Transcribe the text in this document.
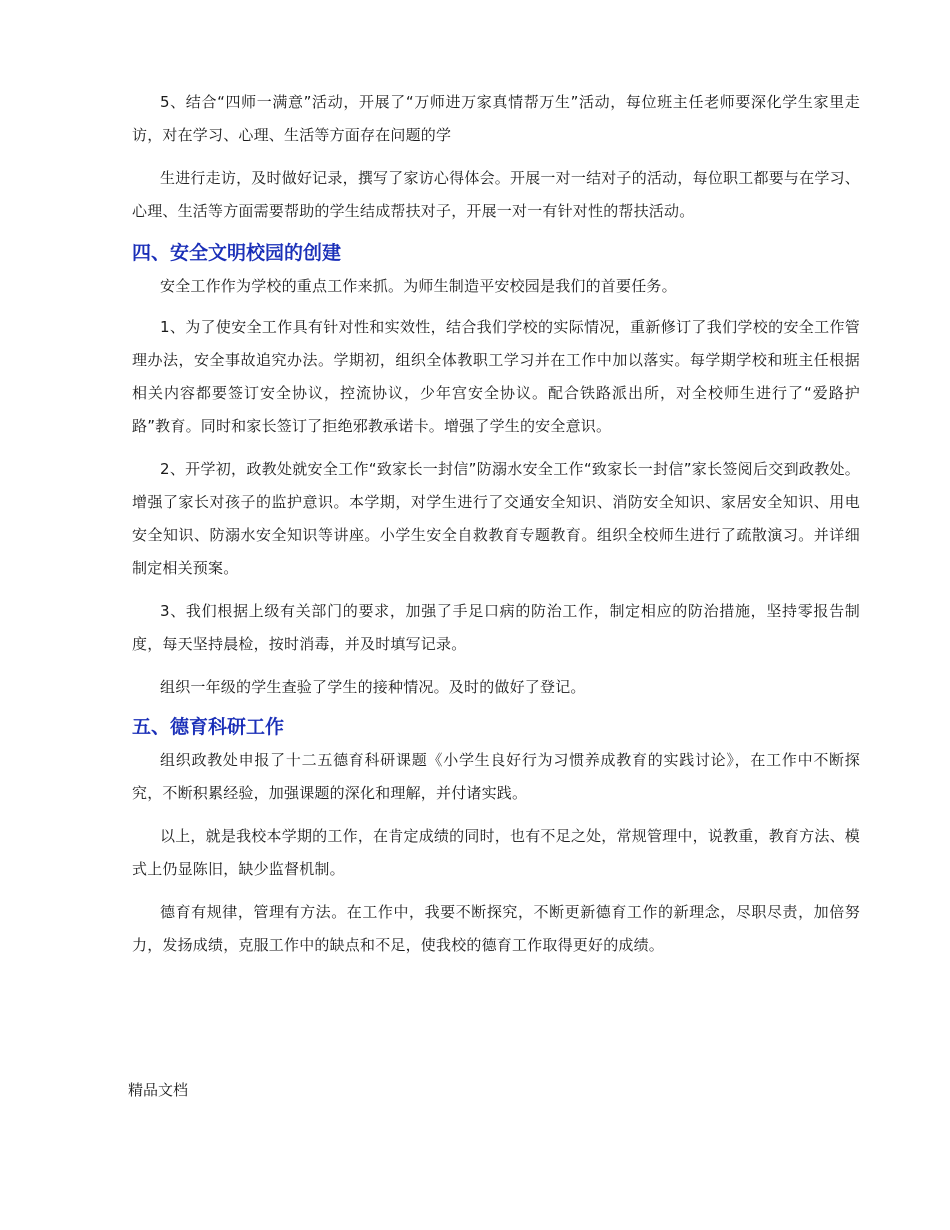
5、结合“四师一满意”活动，开展了“万师进万家真情帮万生”活动，每位班主任老师要深化学生家里走访，对在学习、心理、生活等方面存在问题的学

生进行走访，及时做好记录，撰写了家访心得体会。开展一对一结对子的活动，每位职工都要与在学习、心理、生活等方面需要帮助的学生结成帮扶对子，开展一对一有针对性的帮扶活动。

四、安全文明校园的创建

安全工作作为学校的重点工作来抓。为师生制造平安校园是我们的首要任务。

1、为了使安全工作具有针对性和实效性，结合我们学校的实际情况，重新修订了我们学校的安全工作管理办法，安全事故追究办法。学期初，组织全体教职工学习并在工作中加以落实。每学期学校和班主任根据相关内容都要签订安全协议，控流协议，少年宫安全协议。配合铁路派出所，对全校师生进行了“爱路护路”教育。同时和家长签订了拒绝邪教承诺卡。增强了学生的安全意识。

2、开学初，政教处就安全工作“致家长一封信”防溺水安全工作“致家长一封信”家长签阅后交到政教处。增强了家长对孩子的监护意识。本学期，对学生进行了交通安全知识、消防安全知识、家居安全知识、用电安全知识、防溺水安全知识等讲座。小学生安全自救教育专题教育。组织全校师生进行了疏散演习。并详细制定相关预案。

3、我们根据上级有关部门的要求，加强了手足口病的防治工作，制定相应的防治措施，坚持零报告制度，每天坚持晨检，按时消毒，并及时填写记录。

组织一年级的学生查验了学生的接种情况。及时的做好了登记。

五、德育科研工作

组织政教处申报了十二五德育科研课题《小学生良好行为习惯养成教育的实践讨论》，在工作中不断探究，不断积累经验，加强课题的深化和理解，并付诸实践。

以上，就是我校本学期的工作，在肯定成绩的同时，也有不足之处，常规管理中，说教重，教育方法、模式上仍显陈旧，缺少监督机制。

德育有规律，管理有方法。在工作中，我要不断探究，不断更新德育工作的新理念，尽职尽责，加倍努力，发扬成绩，克服工作中的缺点和不足，使我校的德育工作取得更好的成绩。

精品文档
